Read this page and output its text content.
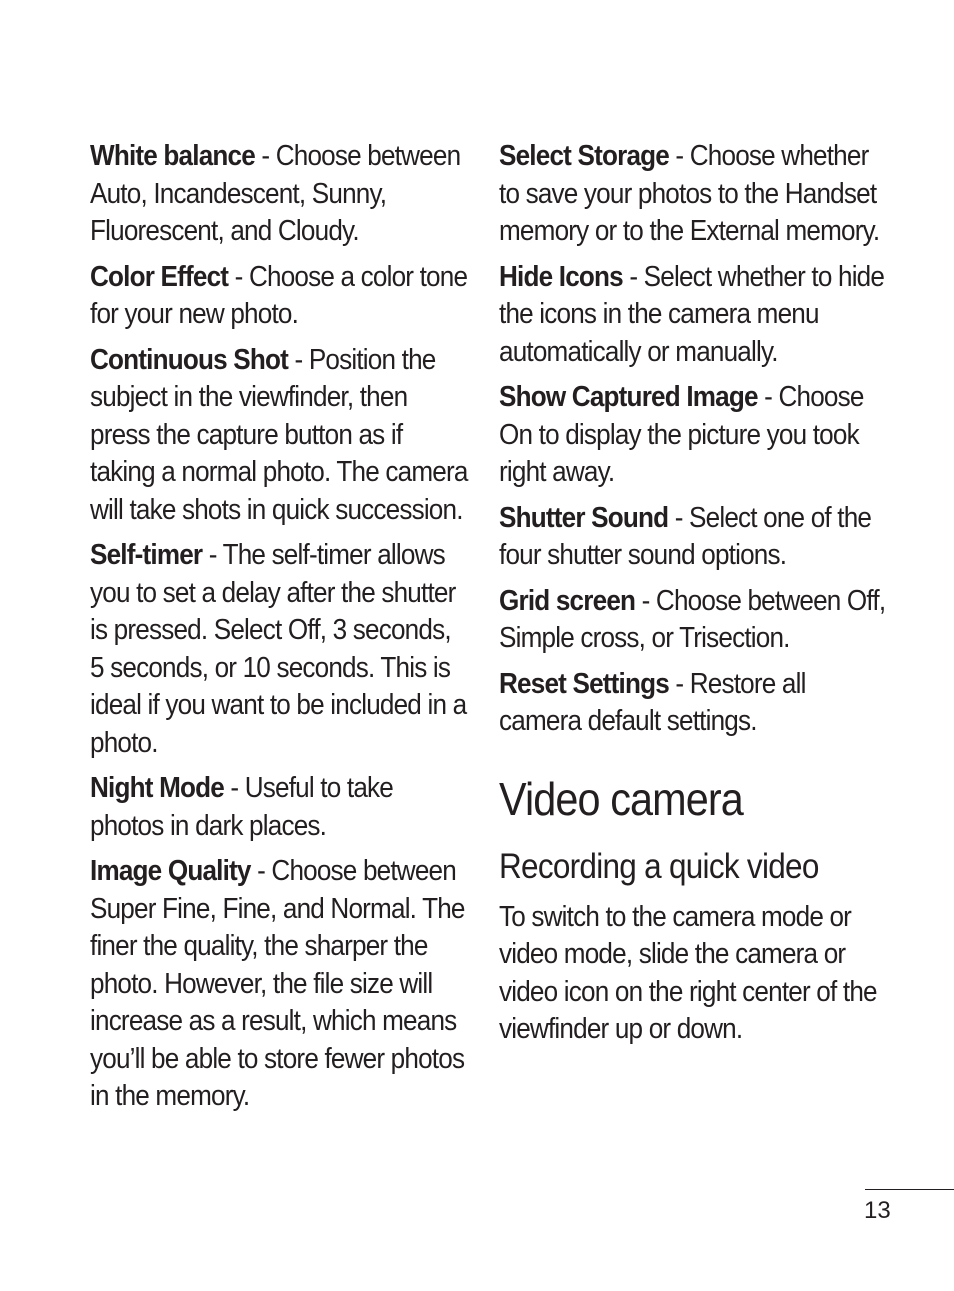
White balance - Choose between Auto, Incandescent, Sunny, Fluorescent, and Cloudy.

Color Effect - Choose a color tone for your new photo.

Continuous Shot - Position the subject in the viewfinder, then press the capture button as if taking a normal photo. The camera will take shots in quick succession.

Self-timer - The self-timer allows you to set a delay after the shutter is pressed. Select Off, 3 seconds, 5 seconds, or 10 seconds. This is ideal if you want to be included in a photo.

Night Mode - Useful to take photos in dark places.

Image Quality - Choose between Super Fine, Fine, and Normal. The finer the quality, the sharper the photo. However, the file size will increase as a result, which means you’ll be able to store fewer photos in the memory.

Select Storage - Choose whether to save your photos to the Handset memory or to the External memory.

Hide Icons - Select whether to hide the icons in the camera menu automatically or manually.

Show Captured Image - Choose On to display the picture you took right away.

Shutter Sound - Select one of the four shutter sound options.

Grid screen - Choose between Off, Simple cross, or Trisection.

Reset Settings - Restore all camera default settings.

Video camera
Recording a quick video

To switch to the camera mode or video mode, slide the camera or video icon on the right center of the viewfinder up or down.

13
